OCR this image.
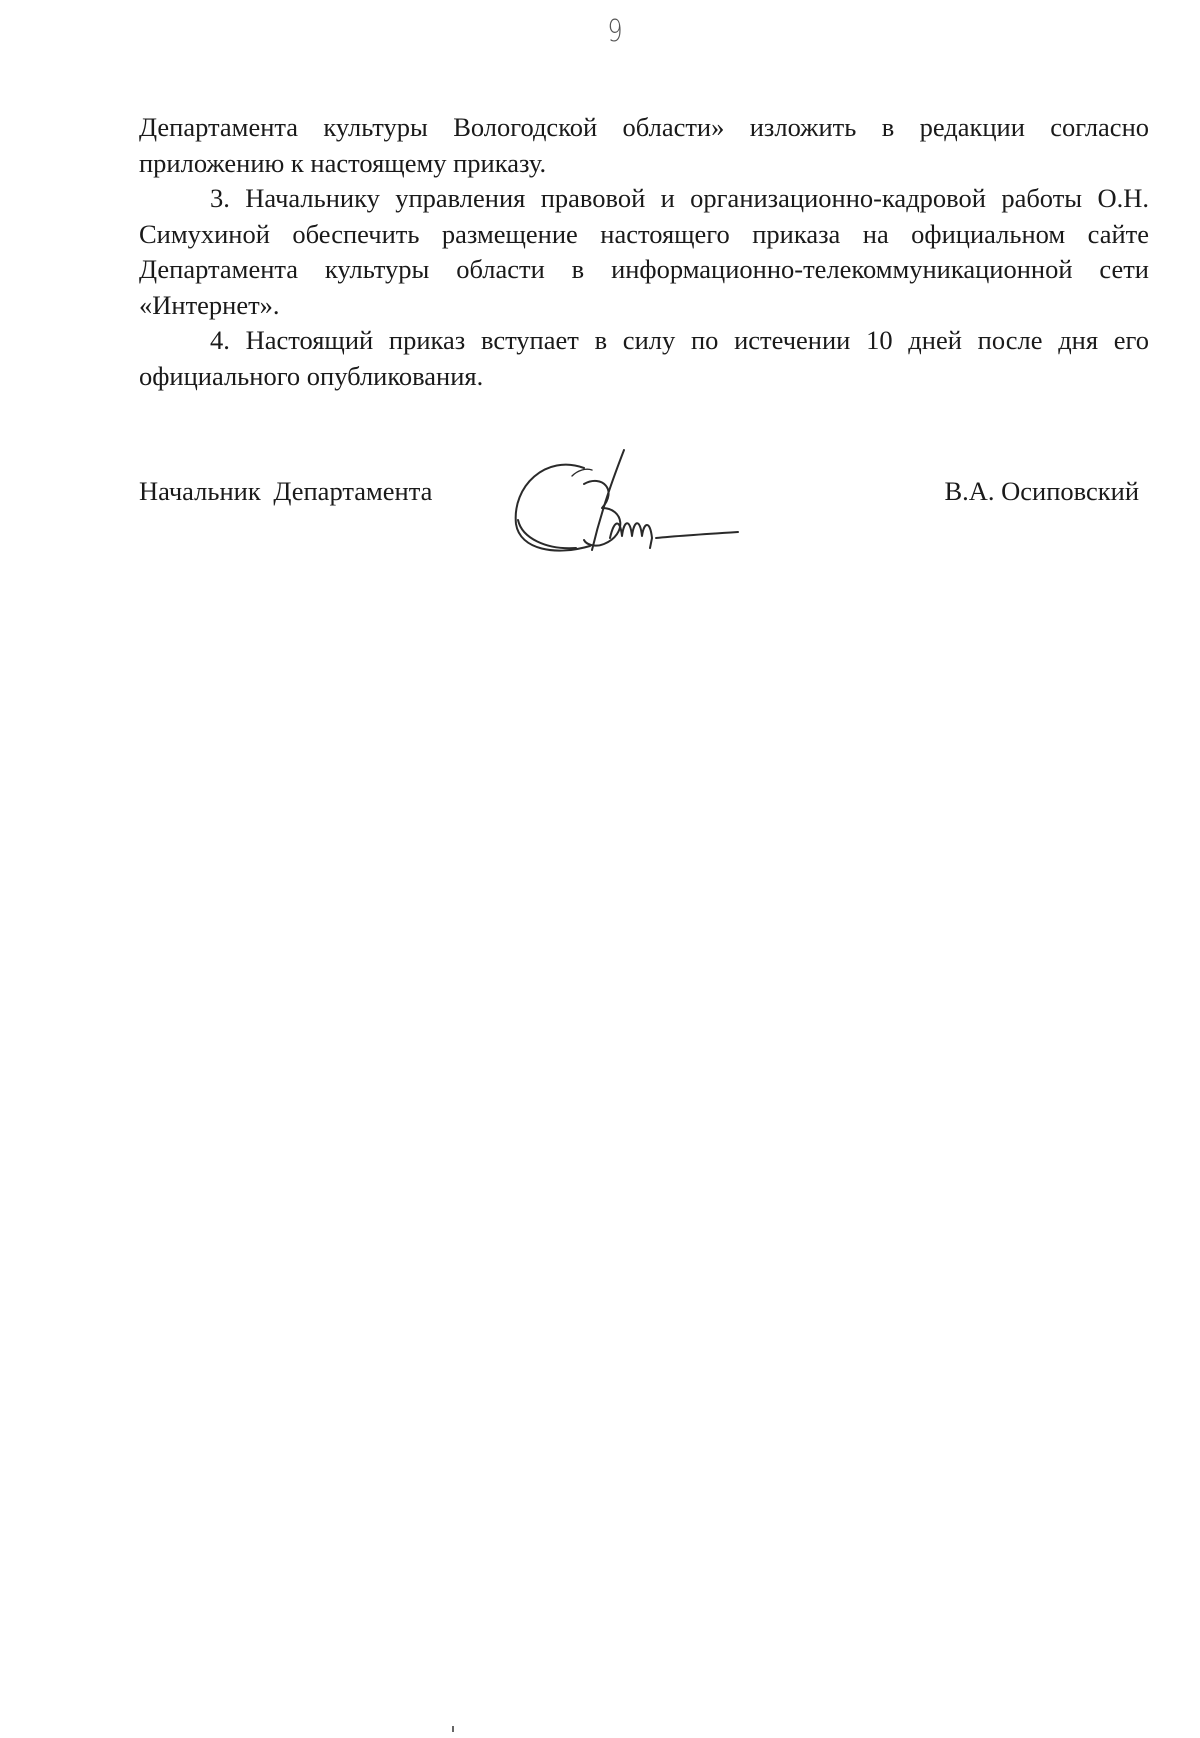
9

Департамента культуры Вологодской области» изложить в редакции согласно приложению к настоящему приказу.

3. Начальнику управления правовой и организационно-кадровой работы О.Н. Симухиной обеспечить размещение настоящего приказа на официальном сайте Департамента культуры области в информационно-телекоммуникационной сети «Интернет».

4. Настоящий приказ вступает в силу по истечении 10 дней после дня его официального опубликования.

Начальник Департамента	В.А. Осиповский
